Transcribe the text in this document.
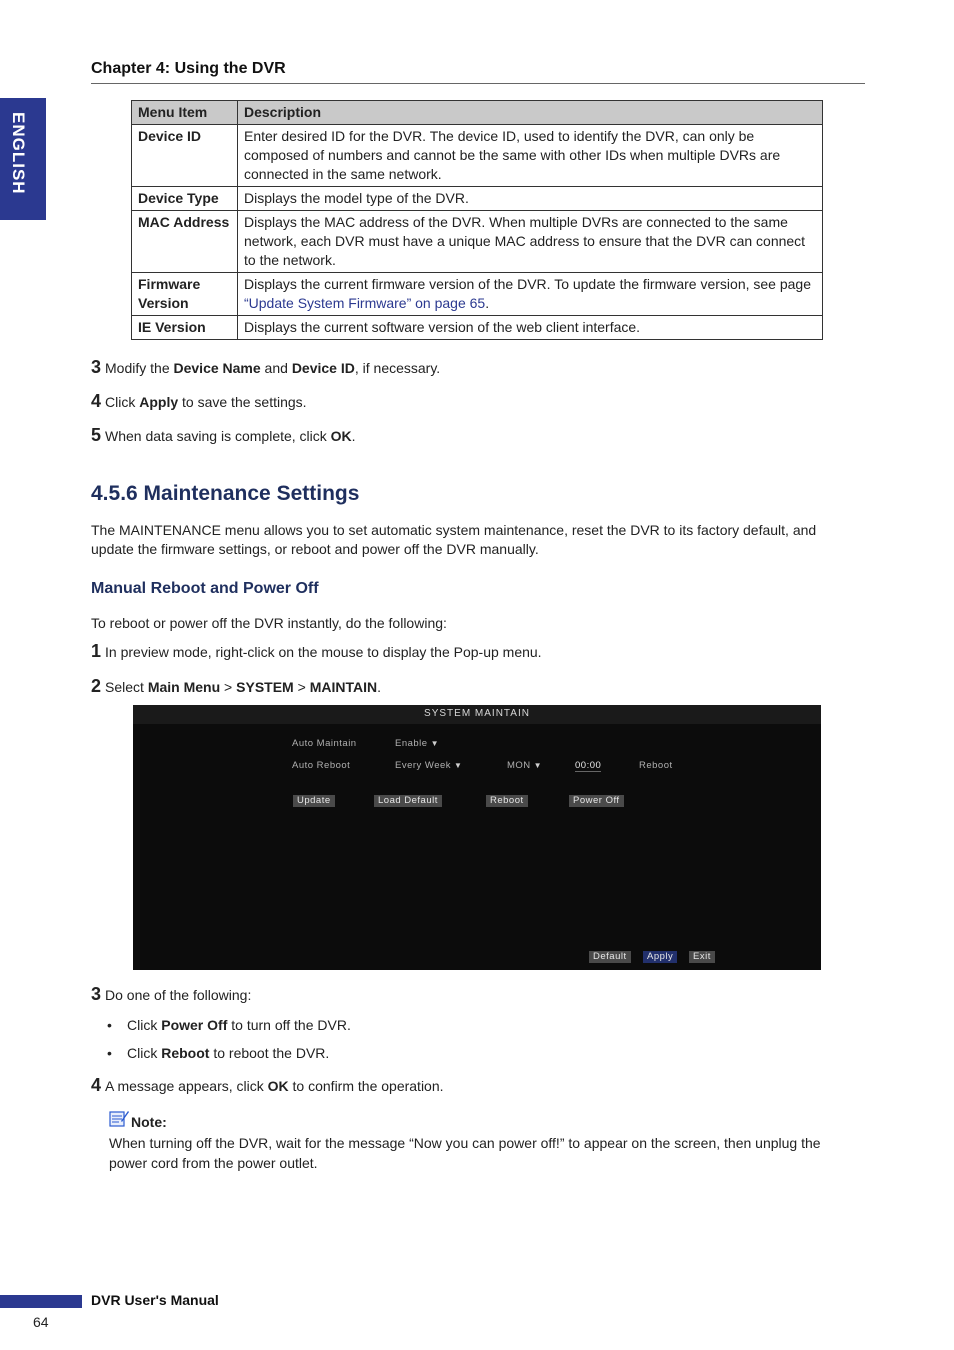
Chapter 4: Using the DVR
ENGLISH	Menu Item	Description
Device ID	Enter desired ID for the DVR. The device ID, used to identify the DVR, can only be composed of numbers and cannot be the same with other IDs when multiple DVRs are connected in the same network.
Device Type	Displays the model type of the DVR.
MAC Address	Displays the MAC address of the DVR. When multiple DVRs are connected to the same network, each DVR must have a unique MAC address to ensure that the DVR can connect to the network.
Firmware Version	Displays the current firmware version of the DVR. To update the firmware version, see page “Update System Firmware” on page 65.
IE Version	Displays the current software version of the web client interface.
3 Modify the Device Name and Device ID, if necessary.
4 Click Apply to save the settings.
5 When data saving is complete, click OK.
4.5.6 Maintenance Settings
The MAINTENANCE menu allows you to set automatic system maintenance, reset the DVR to its factory default, and update the firmware settings, or reboot and power off the DVR manually.
Manual Reboot and Power Off
To reboot or power off the DVR instantly, do the following:
1 In preview mode, right-click on the mouse to display the Pop-up menu.
2 Select Main Menu > SYSTEM > MAINTAIN.
SYSTEM MAINTAIN
Auto Maintain	Enable ▼
Auto Reboot	Every Week ▼	MON ▼	00:00	Reboot
Update	Load Default	Reboot	Power Off
Default	Apply	Exit
3 Do one of the following:
• Click Power Off to turn off the DVR.
• Click Reboot to reboot the DVR.
4 A message appears, click OK to confirm the operation.
Note:
When turning off the DVR, wait for the message “Now you can power off!” to appear on the screen, then unplug the power cord from the power outlet.
DVR User's Manual
64
